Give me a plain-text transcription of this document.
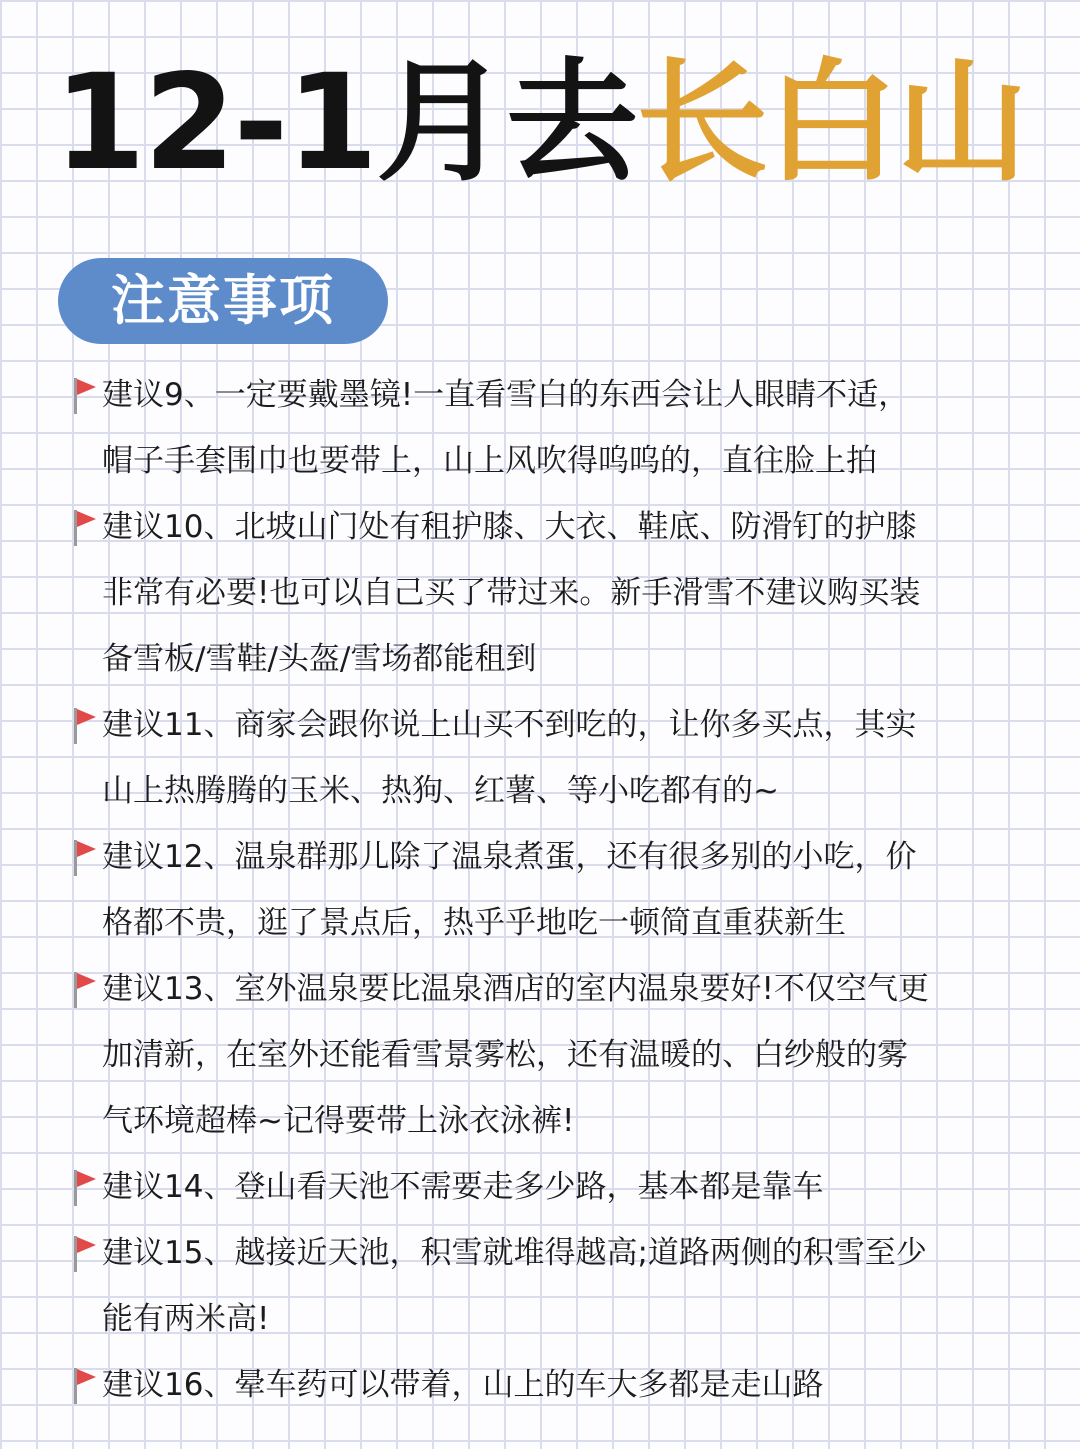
12-1月去长白山
注意事项
建议9、一定要戴墨镜!一直看雪白的东西会让人眼睛不适，
帽子手套围巾也要带上，山上风吹得呜呜的，直往脸上拍
建议10、北坡山门处有租护膝、大衣、鞋底、防滑钉的护膝
非常有必要!也可以自己买了带过来。新手滑雪不建议购买装
备雪板/雪鞋/头盔/雪场都能租到
建议11、商家会跟你说上山买不到吃的，让你多买点，其实
山上热腾腾的玉米、热狗、红薯、等小吃都有的~
建议12、温泉群那儿除了温泉煮蛋，还有很多别的小吃，价
格都不贵，逛了景点后，热乎乎地吃一顿简直重获新生
建议13、室外温泉要比温泉酒店的室内温泉要好!不仅空气更
加清新，在室外还能看雪景雾松，还有温暖的、白纱般的雾
气环境超棒~记得要带上泳衣泳裤!
建议14、登山看天池不需要走多少路，基本都是靠车
建议15、越接近天池，积雪就堆得越高;道路两侧的积雪至少
能有两米高!
建议16、晕车药可以带着，山上的车大多都是走山路
